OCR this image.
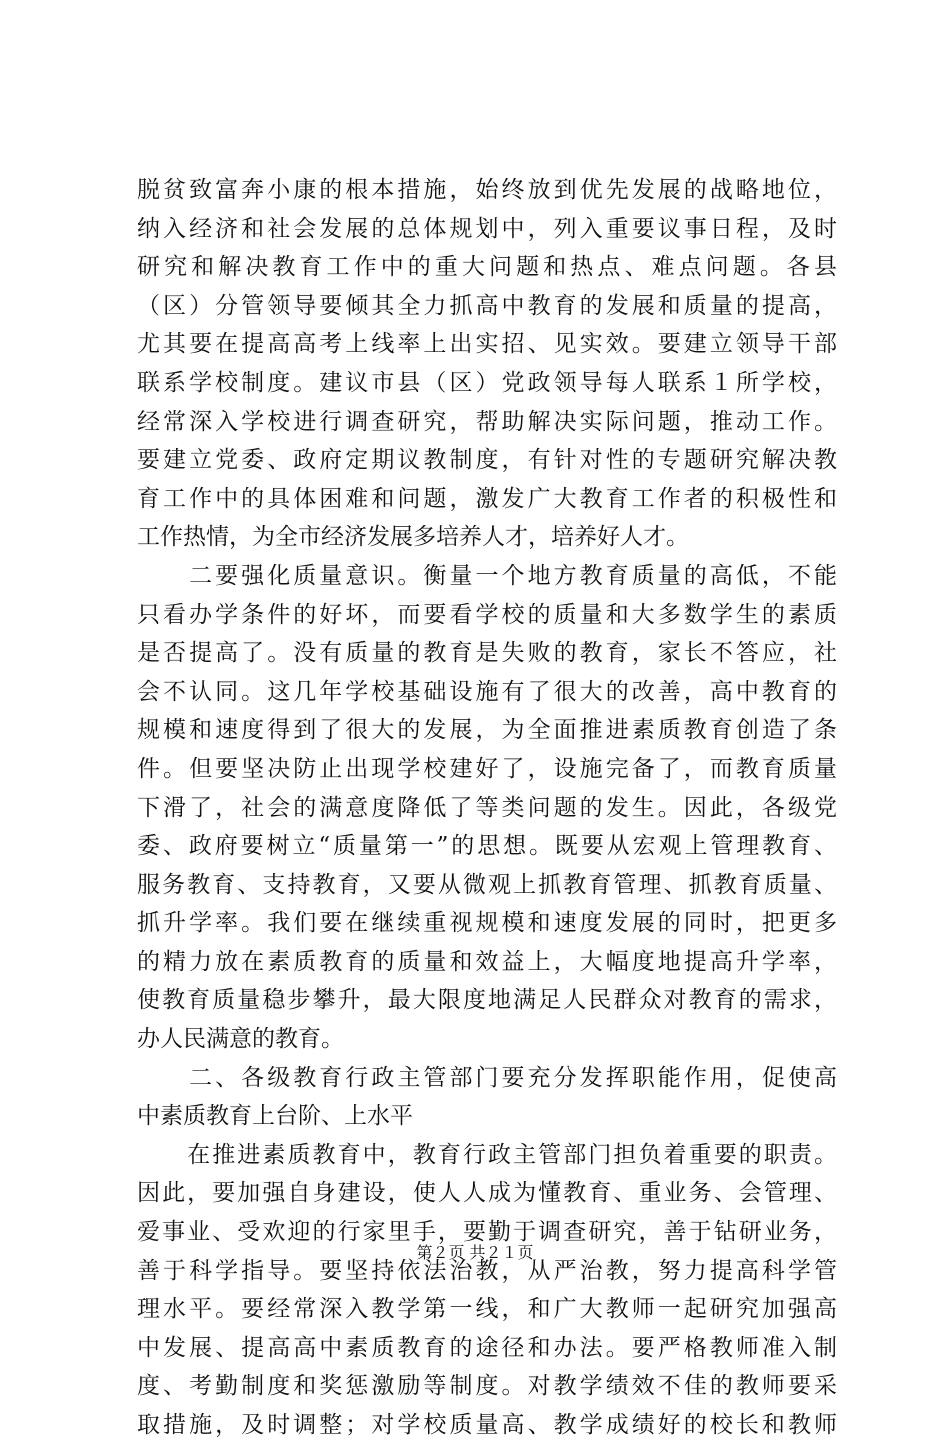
脱贫致富奔小康的根本措施，始终放到优先发展的战略地位，
纳入经济和社会发展的总体规划中，列入重要议事日程，及时
研究和解决教育工作中的重大问题和热点、难点问题。各县
（区）分管领导要倾其全力抓高中教育的发展和质量的提高，
尤其要在提高高考上线率上出实招、见实效。要建立领导干部
联系学校制度。建议市县（区）党政领导每人联系１所学校，
经常深入学校进行调查研究，帮助解决实际问题，推动工作。
要建立党委、政府定期议教制度，有针对性的专题研究解决教
育工作中的具体困难和问题，激发广大教育工作者的积极性和
工作热情，为全市经济发展多培养人才，培养好人才。
　　二要强化质量意识。衡量一个地方教育质量的高低，不能
只看办学条件的好坏，而要看学校的质量和大多数学生的素质
是否提高了。没有质量的教育是失败的教育，家长不答应，社
会不认同。这几年学校基础设施有了很大的改善，高中教育的
规模和速度得到了很大的发展，为全面推进素质教育创造了条
件。但要坚决防止出现学校建好了，设施完备了，而教育质量
下滑了，社会的满意度降低了等类问题的发生。因此，各级党
委、政府要树立“质量第一”的思想。既要从宏观上管理教育、
服务教育、支持教育，又要从微观上抓教育管理、抓教育质量、
抓升学率。我们要在继续重视规模和速度发展的同时，把更多
的精力放在素质教育的质量和效益上，大幅度地提高升学率，
使教育质量稳步攀升，最大限度地满足人民群众对教育的需求，
办人民满意的教育。
　　二、各级教育行政主管部门要充分发挥职能作用，促使高
中素质教育上台阶、上水平
　　在推进素质教育中，教育行政主管部门担负着重要的职责。
因此，要加强自身建设，使人人成为懂教育、重业务、会管理、
爱事业、受欢迎的行家里手，要勤于调查研究，善于钻研业务，
善于科学指导。要坚持依法治教，从严治教，努力提高科学管
理水平。要经常深入教学第一线，和广大教师一起研究加强高
中发展、提高高中素质教育的途径和办法。要严格教师准入制
度、考勤制度和奖惩激励等制度。对教学绩效不佳的教师要采
取措施，及时调整；对学校质量高、教学成绩好的校长和教师
第２页 共２１页
